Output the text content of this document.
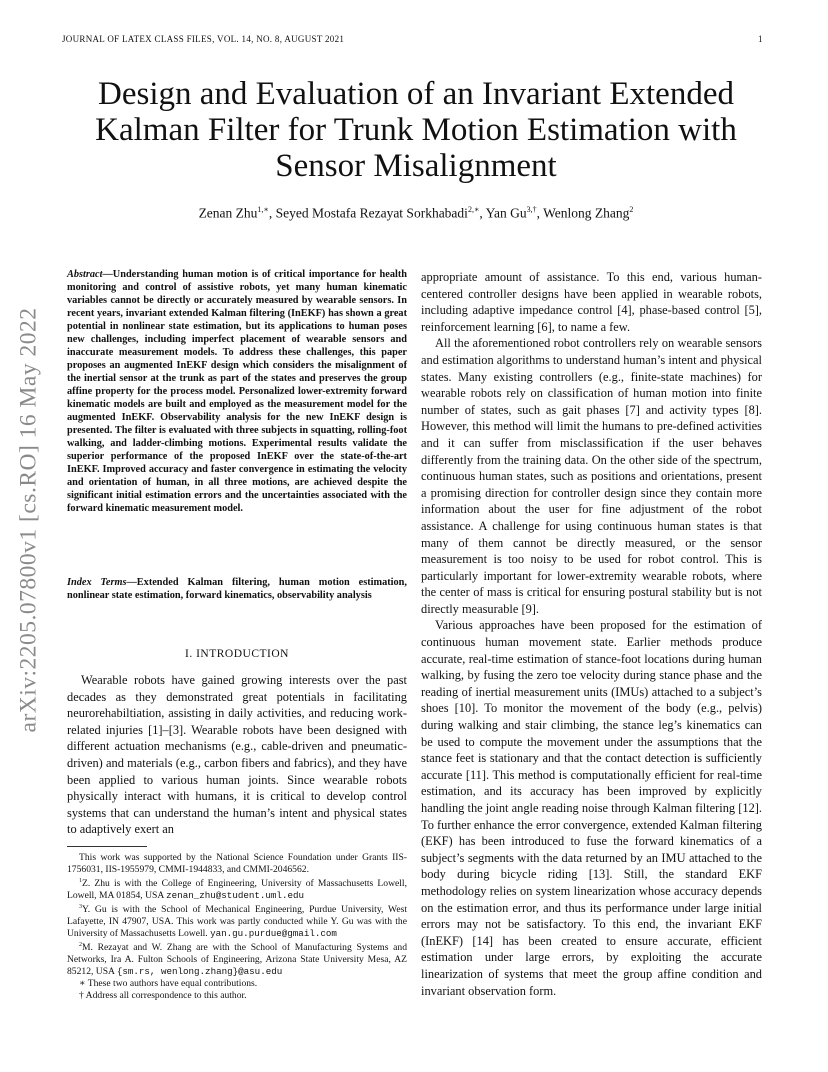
JOURNAL OF LATEX CLASS FILES, VOL. 14, NO. 8, AUGUST 2021	1
Design and Evaluation of an Invariant Extended Kalman Filter for Trunk Motion Estimation with Sensor Misalignment
Zenan Zhu$^{1,∗}$, Seyed Mostafa Rezayat Sorkhabadi$^{2,∗}$, Yan $Gu^{3,\dagger}$, Wenlong Zhang$^2$
arXiv:2205.07800v1 [cs.RO] 16 May 2022
Abstract—Understanding human motion is of critical importance for health monitoring and control of assistive robots, yet many human kinematic variables cannot be directly or accurately measured by wearable sensors. In recent years, invariant extended Kalman filtering (InEKF) has shown a great potential in nonlinear state estimation, but its applications to human poses new challenges, including imperfect placement of wearable sensors and inaccurate measurement models. To address these challenges, this paper proposes an augmented InEKF design which considers the misalignment of the inertial sensor at the trunk as part of the states and preserves the group affine property for the process model. Personalized lower-extremity forward kinematic models are built and employed as the measurement model for the augmented InEKF. Observability analysis for the new InEKF design is presented. The filter is evaluated with three subjects in squatting, rolling-foot walking, and ladder-climbing motions. Experimental results validate the superior performance of the proposed InEKF over the state-of-the-art InEKF. Improved accuracy and faster convergence in estimating the velocity and orientation of human, in all three motions, are achieved despite the significant initial estimation errors and the uncertainties associated with the forward kinematic measurement model.
Index Terms—Extended Kalman filtering, human motion estimation, nonlinear state estimation, forward kinematics, observability analysis
I. INTRODUCTION

Wearable robots have gained growing interests over the past decades as they demonstrated great potentials in facilitating neurorehabiltiation, assisting in daily activities, and reducing work-related injuries [1]–[3]. Wearable robots have been designed with different actuation mechanisms (e.g., cable-driven and pneumatic-driven) and materials (e.g., carbon fibers and fabrics), and they have been applied to various human joints. Since wearable robots physically interact with humans, it is critical to develop control systems that can understand the human’s intent and physical states to adaptively exert an

This work was supported by the National Science Foundation under Grants IIS-1756031, IIS-1955979, CMMI-1944833, and CMMI-2046562.

$^1$Z. Zhu is with the College of Engineering, University of Massachusetts Lowell, Lowell, MA 01854, USA zenan_zhu@student.uml.edu

$^3$Y. Gu is with the School of Mechanical Engineering, Purdue University, West Lafayette, IN 47907, USA. This work was partly conducted while Y. Gu was with the University of Massachusetts Lowell. yan.gu.purdue@gmail.com

$^2$M. Rezayat and W. Zhang are with the School of Manufacturing Systems and Networks, Ira A. Fulton Schools of Engineering, Arizona State University Mesa, AZ 85212, USA {sm.rs, wenlong.zhang}@asu.edu

∗ These two authors have equal contributions.

† Address all correspondence to this author.

appropriate amount of assistance. To this end, various human-centered controller designs have been applied in wearable robots, including adaptive impedance control [4], phase-based control [5], reinforcement learning [6], to name a few.

All the aforementioned robot controllers rely on wearable sensors and estimation algorithms to understand human’s intent and physical states. Many existing controllers (e.g., finite-state machines) for wearable robots rely on classification of human motion into finite number of states, such as gait phases [7] and activity types [8]. However, this method will limit the humans to pre-defined activities and it can suffer from misclassification if the user behaves differently from the training data. On the other side of the spectrum, continuous human states, such as positions and orientations, present a promising direction for controller design since they contain more information about the user for fine adjustment of the robot assistance. A challenge for using continuous human states is that many of them cannot be directly measured, or the sensor measurement is too noisy to be used for robot control. This is particularly important for lower-extremity wearable robots, where the center of mass is critical for ensuring postural stability but is not directly measurable [9].

Various approaches have been proposed for the estimation of continuous human movement state. Earlier methods produce accurate, real-time estimation of stance-foot locations during human walking, by fusing the zero toe velocity during stance phase and the reading of inertial measurement units (IMUs) attached to a subject’s shoes [10]. To monitor the movement of the body (e.g., pelvis) during walking and stair climbing, the stance leg’s kinematics can be used to compute the movement under the assumptions that the stance feet is stationary and that the contact detection is sufficiently accurate [11]. This method is computationally efficient for real-time estimation, and its accuracy has been improved by explicitly handling the joint angle reading noise through Kalman filtering [12]. To further enhance the error convergence, extended Kalman filtering (EKF) has been introduced to fuse the forward kinematics of a subject’s segments with the data returned by an IMU attached to the body during bicycle riding [13]. Still, the standard EKF methodology relies on system linearization whose accuracy depends on the estimation error, and thus its performance under large initial errors may not be satisfactory. To this end, the invariant EKF (InEKF) [14] has been created to ensure accurate, efficient estimation under large errors, by exploiting the accurate linearization of systems that meet the group affine condition and invariant observation form.
